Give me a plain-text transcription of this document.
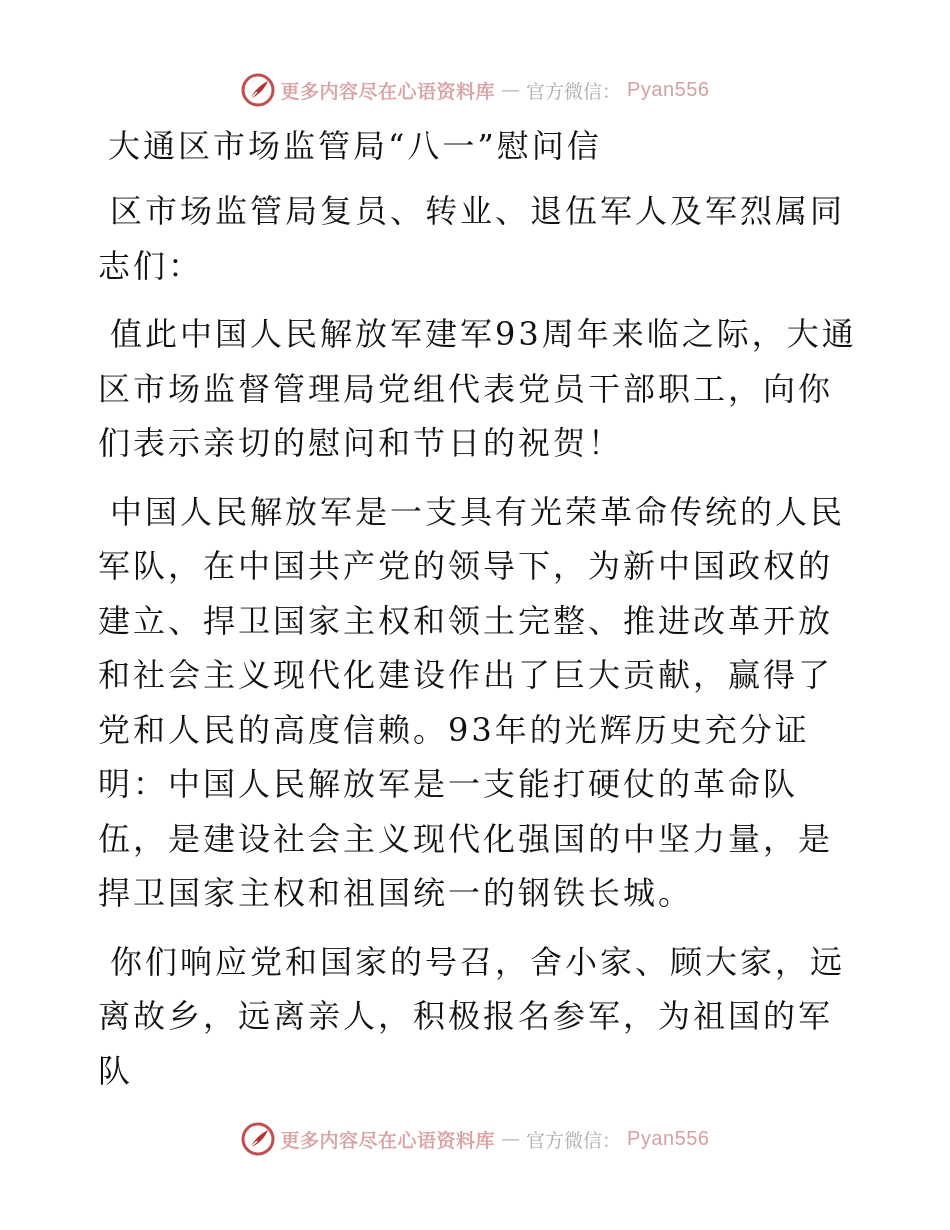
更多内容尽在心语资料库 — 官方微信： Pyan556
大通区市场监管局“八一”慰问信

区市场监管局复员、转业、退伍军人及军烈属同志们：

值此中国人民解放军建军93周年来临之际，大通区市场监督管理局党组代表党员干部职工，向你们表示亲切的慰问和节日的祝贺！

中国人民解放军是一支具有光荣革命传统的人民军队，在中国共产党的领导下，为新中国政权的建立、捍卫国家主权和领土完整、推进改革开放和社会主义现代化建设作出了巨大贡献，赢得了党和人民的高度信赖。93年的光辉历史充分证明：中国人民解放军是一支能打硬仗的革命队伍，是建设社会主义现代化强国的中坚力量，是捍卫国家主权和祖国统一的钢铁长城。

你们响应党和国家的号召，舍小家、顾大家，远离故乡，远离亲人，积极报名参军，为祖国的军队

更多内容尽在心语资料库 — 官方微信： Pyan556
